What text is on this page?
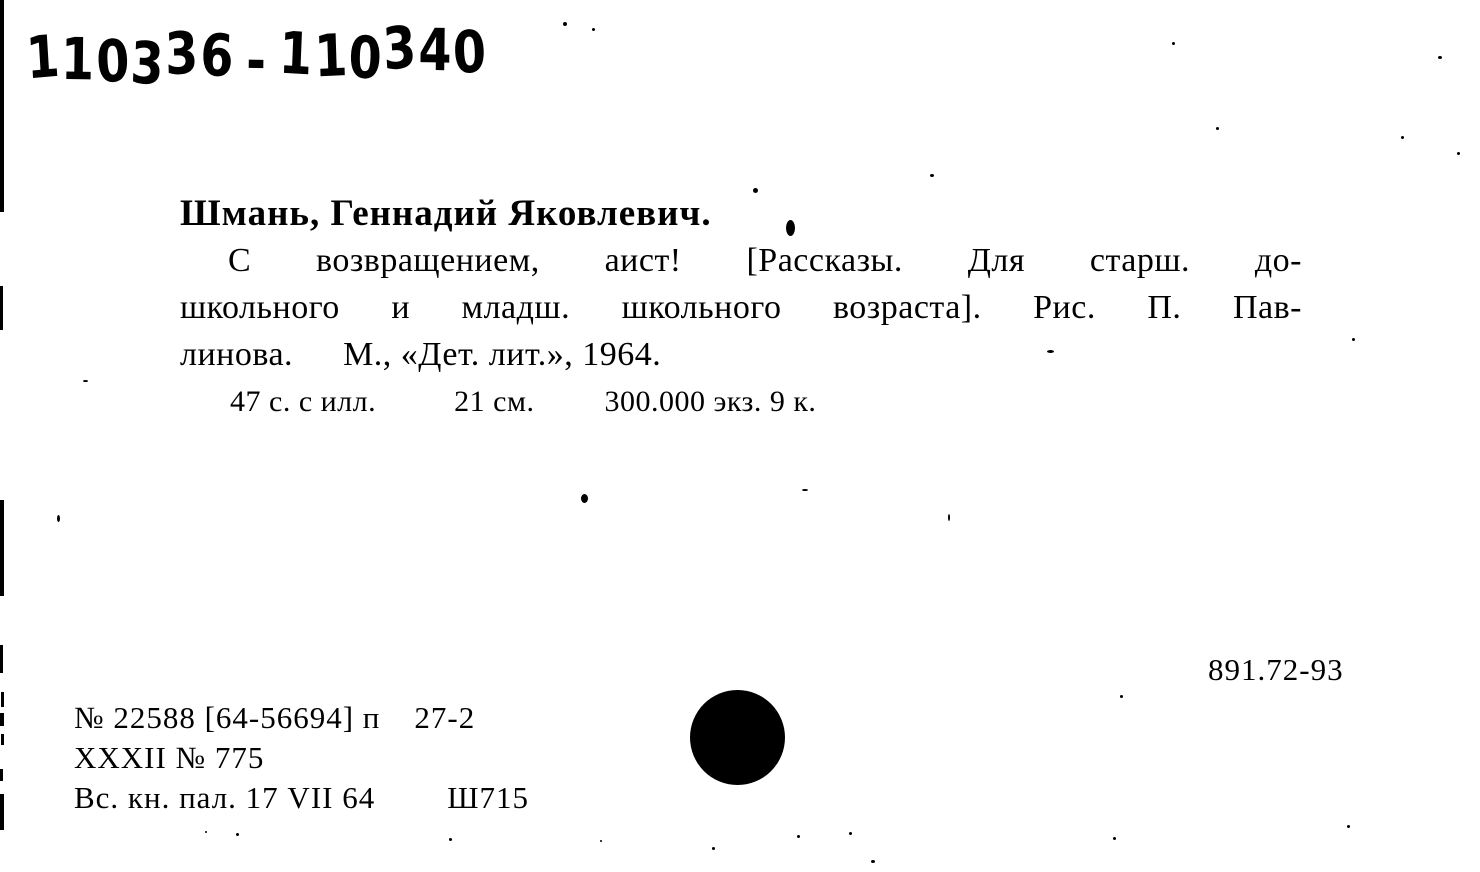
110336 - 110340
Шмань, Геннадий Яковлевич.
С возвращением, аист! [Рассказы. Для старш. до-
школьного и младш. школьного возраста]. Рис. П. Пав-
линова. М., «Дет. лит.», 1964.
47 с. с илл.	21 см. 300.000 экз. 9 к.
891.72-93
№ 22588 [64-56694] п 27-2
XXXII № 775
Вс. кн. пал. 17 VII 64 Ш715
